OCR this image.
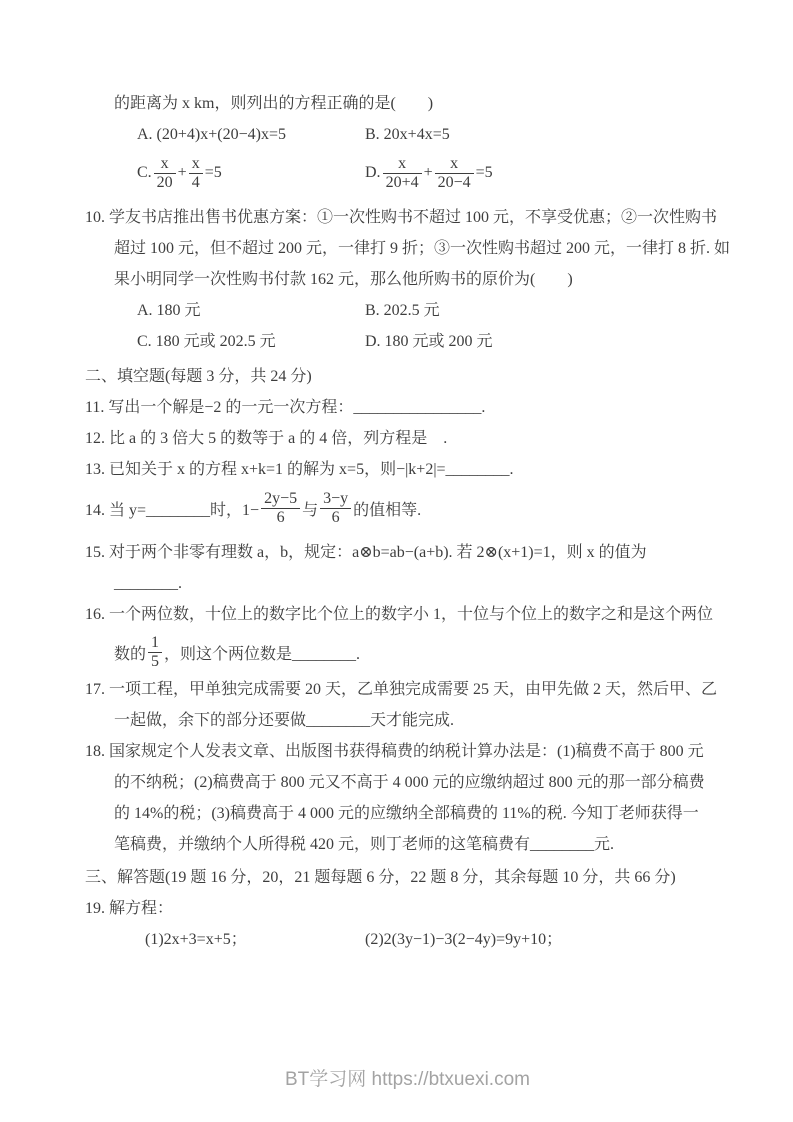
的距离为 x km，则列出的方程正确的是(　　)
A. (20+4)x+(20−4)x=5	B. 20x+4x=5
C. $\frac{x}{20} + \frac{x}{4} =5$	D. $\frac{x}{20+4} + \frac{x}{20-4} =5$
10. 学友书店推出售书优惠方案：①一次性购书不超过 100 元，不享受优惠；②一次性购书
超过 100 元，但不超过 200 元，一律打 9 折；③一次性购书超过 200 元，一律打 8 折. 如
果小明同学一次性购书付款 162 元，那么他所购书的原价为(　　)
A. 180 元	B. 202.5 元
C. 180 元或 202.5 元	D. 180 元或 200 元
二、填空题(每题 3 分，共 24 分)
11. 写出一个解是−2 的一元一次方程：________________.
12. 比 a 的 3 倍大 5 的数等于 a 的 4 倍，列方程是　.
13. 已知关于 x 的方程 x+k=1 的解为 x=5，则−|k+2|=________.
14. 当 y=________时，$1- \frac{2y-5}{6}$ 与 $\frac{3-y}{6}$ 的值相等.
15. 对于两个非零有理数 a，b，规定：a⊗b=ab−(a+b). 若 2⊗(x+1)=1，则 x 的值为
________.
16. 一个两位数，十位上的数字比个位上的数字小 1，十位与个位上的数字之和是这个两位
数的 $\frac{1}{5}$ ，则这个两位数是________.
17. 一项工程，甲单独完成需要 20 天，乙单独完成需要 25 天，由甲先做 2 天，然后甲、乙
一起做，余下的部分还要做________天才能完成.
18. 国家规定个人发表文章、出版图书获得稿费的纳税计算办法是：(1)稿费不高于 800 元
的不纳税；(2)稿费高于 800 元又不高于 4 000 元的应缴纳超过 800 元的那一部分稿费
的 14%的税；(3)稿费高于 4 000 元的应缴纳全部稿费的 11%的税. 今知丁老师获得一
笔稿费，并缴纳个人所得税 420 元，则丁老师的这笔稿费有________元.
三、解答题(19 题 16 分，20，21 题每题 6 分，22 题 8 分，其余每题 10 分，共 66 分)
19. 解方程：
(1)2x+3=x+5；	(2)2(3y−1)−3(2−4y)=9y+10；
BT学习网 https://btxuexi.com
